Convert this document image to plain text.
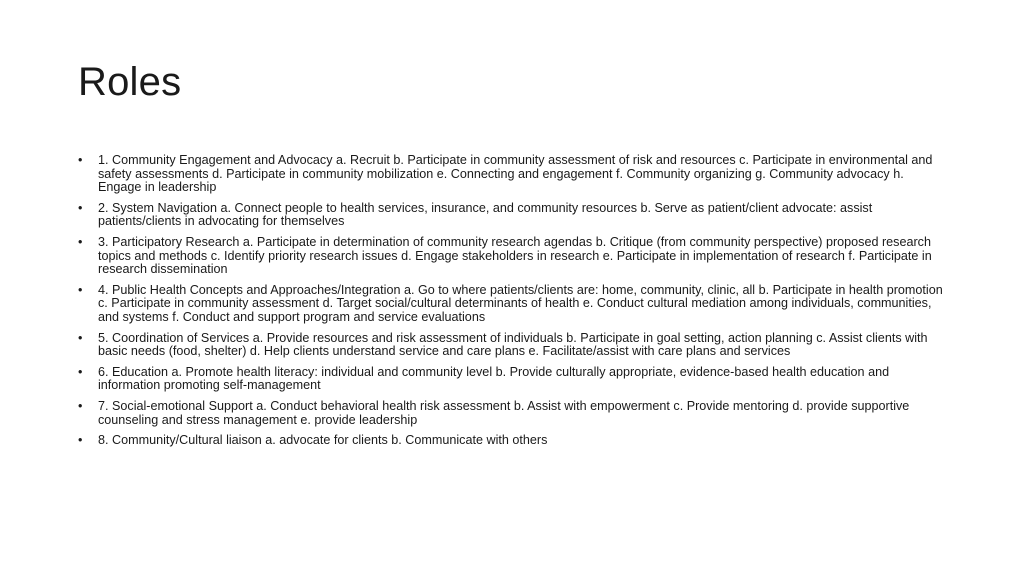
Roles
•	1. Community Engagement and Advocacy a. Recruit b. Participate in community assessment of risk and resources c. Participate in environmental and safety assessments d. Participate in community mobilization e. Connecting and engagement f. Community organizing g. Community advocacy h. Engage in leadership
•	2. System Navigation a. Connect people to health services, insurance, and community resources b. Serve as patient/client advocate: assist patients/clients in advocating for themselves
•	3. Participatory Research a. Participate in determination of community research agendas b. Critique (from community perspective) proposed research topics and methods c. Identify priority research issues d. Engage stakeholders in research e. Participate in implementation of research f. Participate in research dissemination
•	4. Public Health Concepts and Approaches/Integration a. Go to where patients/clients are: home, community, clinic, all b. Participate in health promotion c. Participate in community assessment d. Target social/cultural determinants of health e. Conduct cultural mediation among individuals, communities, and systems f. Conduct and support program and service evaluations
•	5. Coordination of Services a. Provide resources and risk assessment of individuals b. Participate in goal setting, action planning c. Assist clients with basic needs (food, shelter) d. Help clients understand service and care plans e. Facilitate/assist with care plans and services
•	6. Education a. Promote health literacy: individual and community level b. Provide culturally appropriate, evidence-based health education and information promoting self-management
•	7. Social-emotional Support a. Conduct behavioral health risk assessment b. Assist with empowerment c. Provide mentoring d. provide supportive counseling and stress management e. provide leadership
•	8. Community/Cultural liaison a. advocate for clients b. Communicate with others
